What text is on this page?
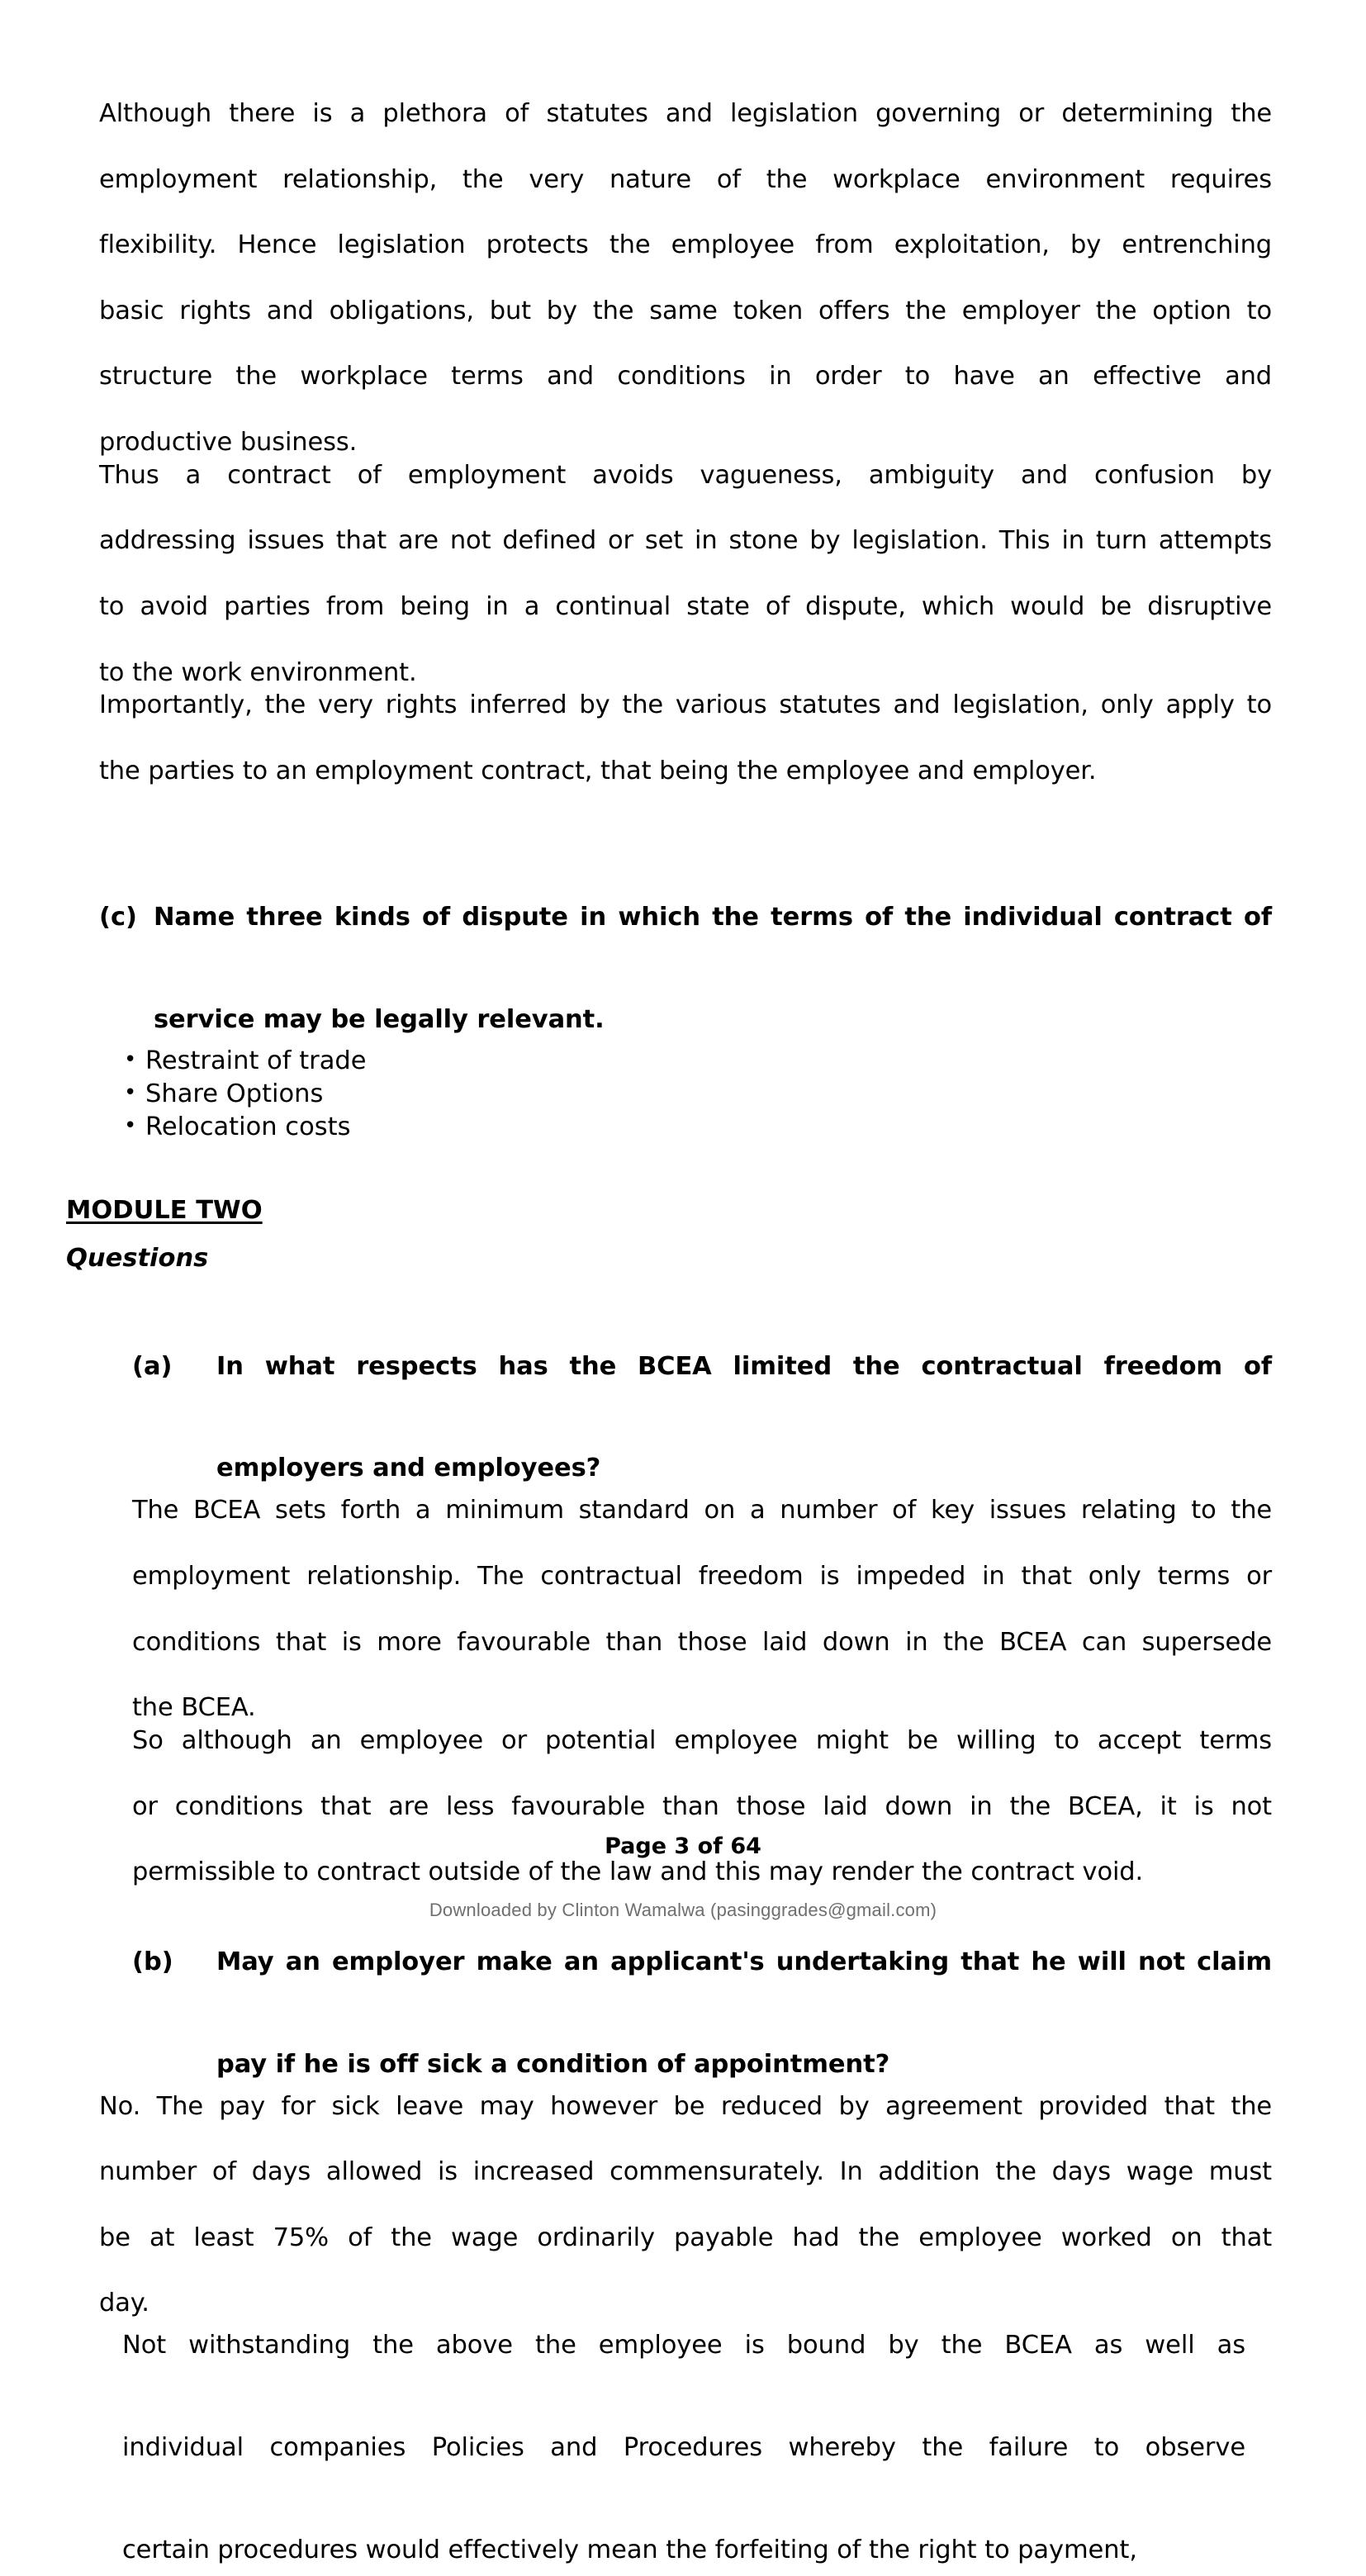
Although there is a plethora of statutes and legislation governing or determining the
employment relationship, the very nature of the workplace environment requires
flexibility. Hence legislation protects the employee from exploitation, by entrenching
basic rights and obligations, but by the same token offers the employer the option to
structure the workplace terms and conditions in order to have an effective and
productive business.
Thus a contract of employment avoids vagueness, ambiguity and confusion by
addressing issues that are not defined or set in stone by legislation. This in turn attempts
to avoid parties from being in a continual state of dispute, which would be disruptive
to the work environment.
Importantly, the very rights inferred by the various statutes and legislation, only apply to
the parties to an employment contract, that being the employee and employer.
(c) Name three kinds of dispute in which the terms of the individual contract of
service may be legally relevant.
• Restraint of trade
• Share Options
• Relocation costs
MODULE TWO
Questions
(a)	In what respects has the BCEA limited the contractual freedom of
employers and employees?
The BCEA sets forth a minimum standard on a number of key issues relating to the
employment relationship. The contractual freedom is impeded in that only terms or
conditions that is more favourable than those laid down in the BCEA can supersede
the BCEA.
So although an employee or potential employee might be willing to accept terms
or conditions that are less favourable than those laid down in the BCEA, it is not
permissible to contract outside of the law and this may render the contract void.
(b)	May an employer make an applicant's undertaking that he will not claim
pay if he is off sick a condition of appointment?
No. The pay for sick leave may however be reduced by agreement provided that the
number of days allowed is increased commensurately. In addition the days wage must
be at least 75% of the wage ordinarily payable had the employee worked on that
day.
Not withstanding the above the employee is bound by the BCEA as well as
individual companies Policies and Procedures whereby the failure to observe
certain procedures would effectively mean the forfeiting of the right to payment,
Page 3 of 64
Downloaded by Clinton Wamalwa (pasinggrades@gmail.com)
